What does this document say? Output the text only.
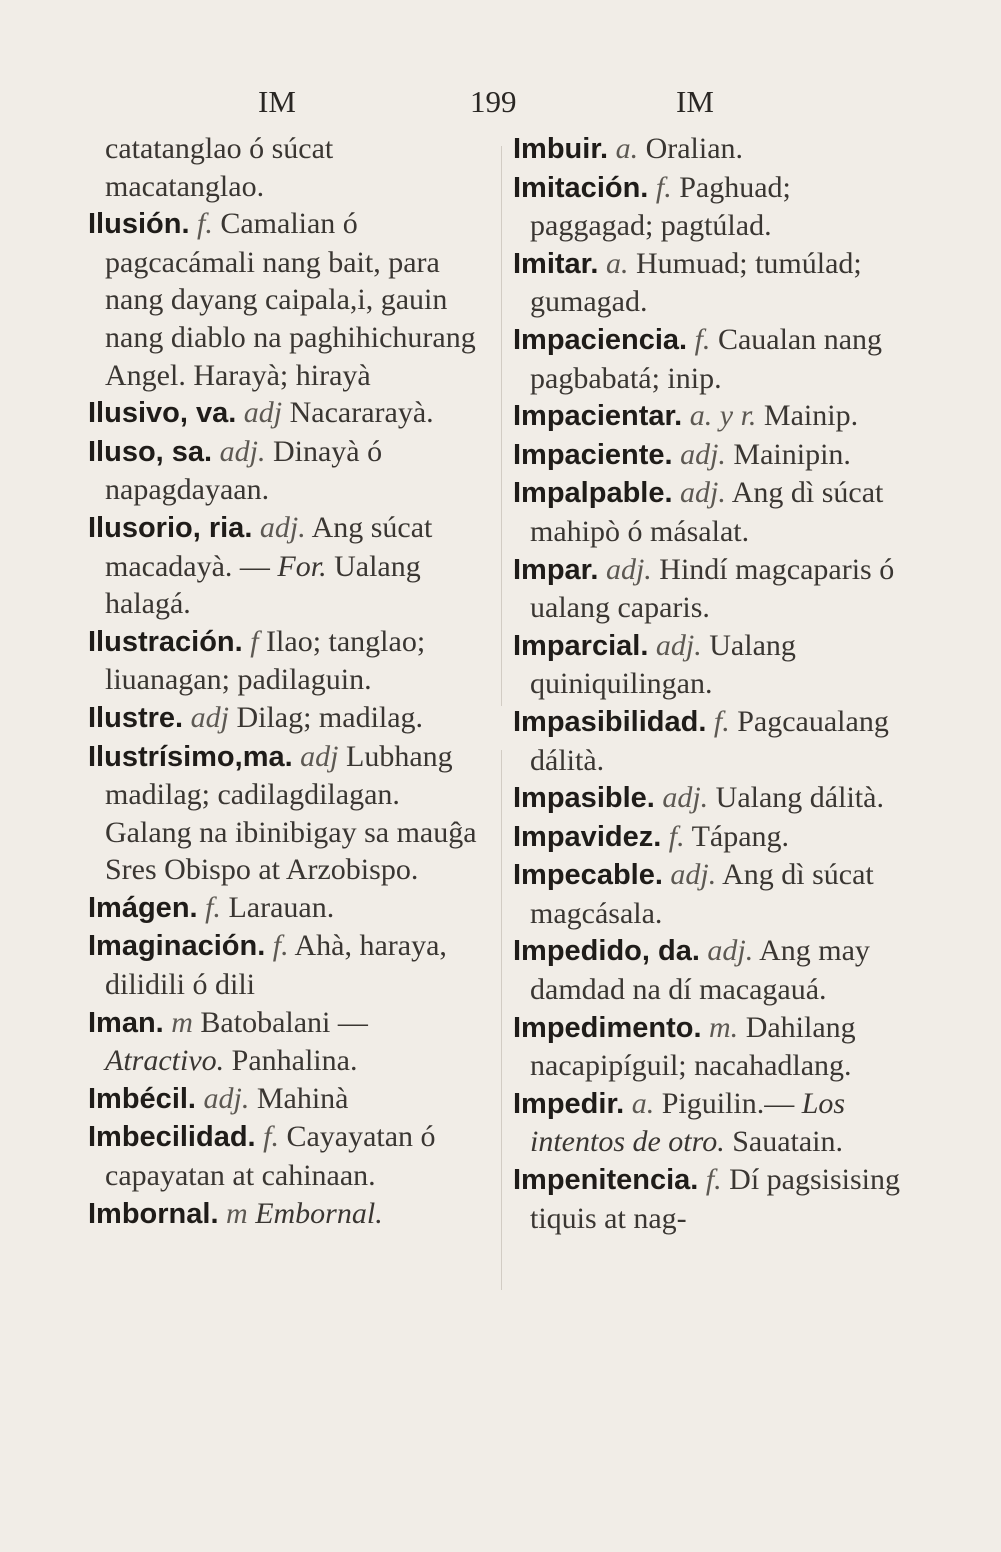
IM	199	IM

catatanglao ó súcat macatanglao.

Ilusión. f. Camalian ó pagcacámali nang bait, para nang dayang caipala,i, gauin nang diablo na paghihichurang Angel. Harayà; hirayà

Ilusivo, va. adj Nacararayà.

Iluso, sa. adj. Dinayà ó napagdayaan.

Ilusorio, ria. adj. Ang súcat macadayà. — For. Ualang halagá.

Ilustración. f Ilao; tanglao; liuanagan; padilaguin.

Ilustre. adj Dilag; madilag.

Ilustrísimo,ma. adj Lubhang madilag; cadilagdilagan. Galang na ibinibigay sa mauĝa Sres Obispo at Arzobispo.

Imágen. f. Larauan.

Imaginación. f. Ahà, haraya, dilidili ó dili

Iman. m Batobalani — Atractivo. Panhalina.

Imbécil. adj. Mahinà

Imbecilidad. f. Cayayatan ó capayatan at cahinaan.

Imbornal. m Embornal.

Imbuir. a. Oralian.

Imitación. f. Paghuad; paggagad; pagtúlad.

Imitar. a. Humuad; tumúlad; gumagad.

Impaciencia. f. Caualan nang pagbabatá; inip.

Impacientar. a. y r. Mainip.

Impaciente. adj. Mainipin.

Impalpable. adj. Ang dì súcat mahipò ó másalat.

Impar. adj. Hindí magcaparis ó ualang caparis.

Imparcial. adj. Ualang quiniquilingan.

Impasibilidad. f. Pagcaualang dálità.

Impasible. adj. Ualang dálità.

Impavidez. f. Tápang.

Impecable. adj. Ang dì súcat magcásala.

Impedido, da. adj. Ang may damdad na dí macagauá.

Impedimento. m. Dahilang nacapipíguil; nacahadlang.

Impedir. a. Piguilin.— Los intentos de otro. Sauatain.

Impenitencia. f. Dí pagsisising tiquis at nag-
